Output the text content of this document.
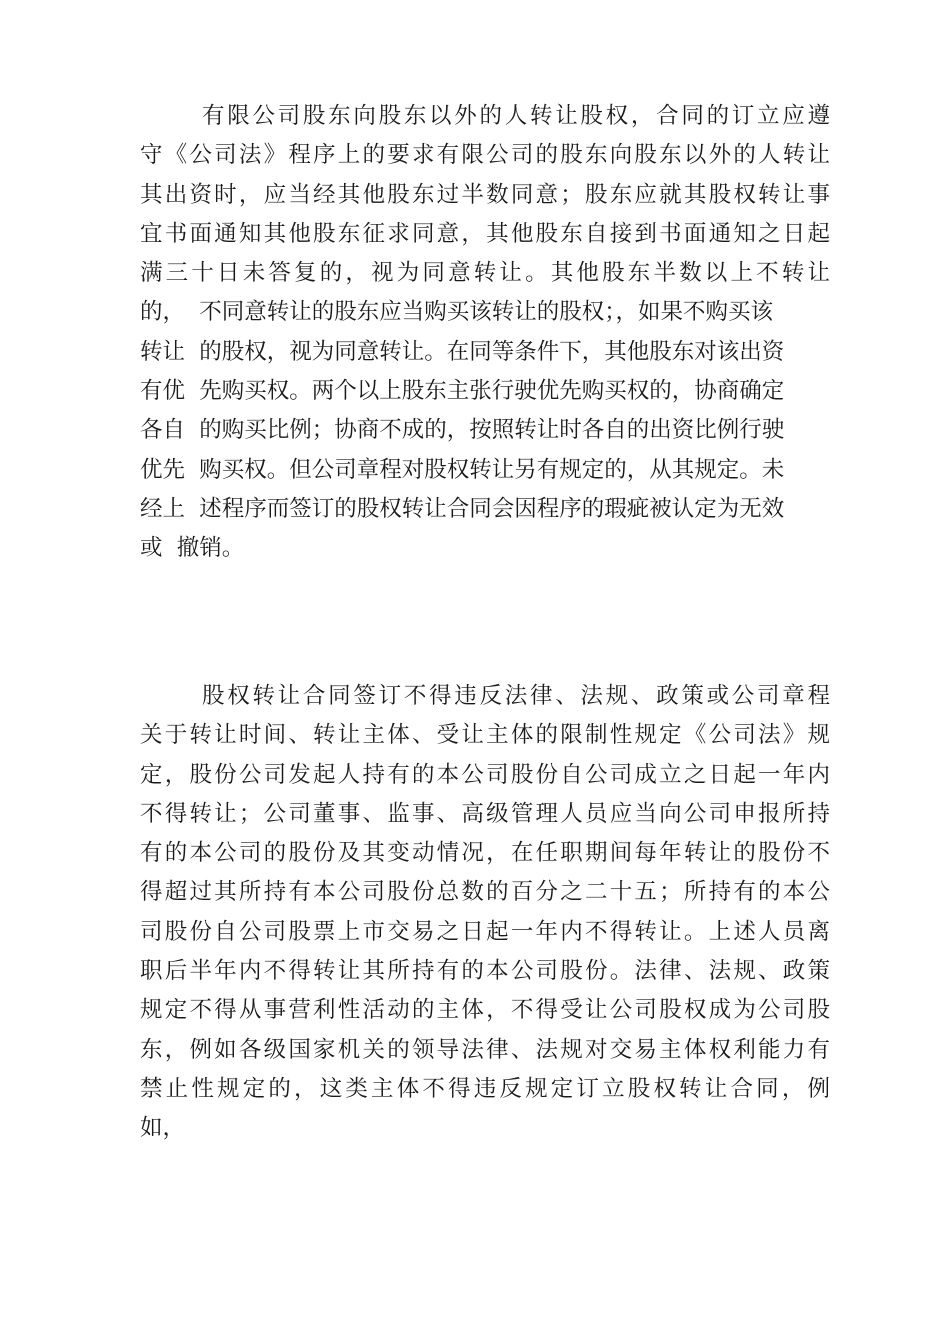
有限公司股东向股东以外的人转让股权，合同的订立应遵
守《公司法》程序上的要求有限公司的股东向股东以外的人转让
其出资时，应当经其他股东过半数同意；股东应就其股权转让事
宜书面通知其他股东征求同意，其他股东自接到书面通知之日起
满三十日未答复的，视为同意转让。其他股东半数以上不转让
的，  不同意转让的股东应当购买该转让的股权；，如果不购买该
转让  的股权，视为同意转让。在同等条件下，其他股东对该出资
有优  先购买权。两个以上股东主张行驶优先购买权的，协商确定
各自  的购买比例；协商不成的，按照转让时各自的出资比例行驶
优先  购买权。但公司章程对股权转让另有规定的，从其规定。未
经上  述程序而签订的股权转让合同会因程序的瑕疵被认定为无效
或  撤销。
股权转让合同签订不得违反法律、法规、政策或公司章程
关于转让时间、转让主体、受让主体的限制性规定《公司法》规
定，股份公司发起人持有的本公司股份自公司成立之日起一年内
不得转让；公司董事、监事、高级管理人员应当向公司申报所持
有的本公司的股份及其变动情况，在任职期间每年转让的股份不
得超过其所持有本公司股份总数的百分之二十五；所持有的本公
司股份自公司股票上市交易之日起一年内不得转让。上述人员离
职后半年内不得转让其所持有的本公司股份。法律、法规、政策
规定不得从事营利性活动的主体，不得受让公司股权成为公司股
东，例如各级国家机关的领导法律、法规对交易主体权利能力有
禁止性规定的，这类主体不得违反规定订立股权转让合同，例
如，
